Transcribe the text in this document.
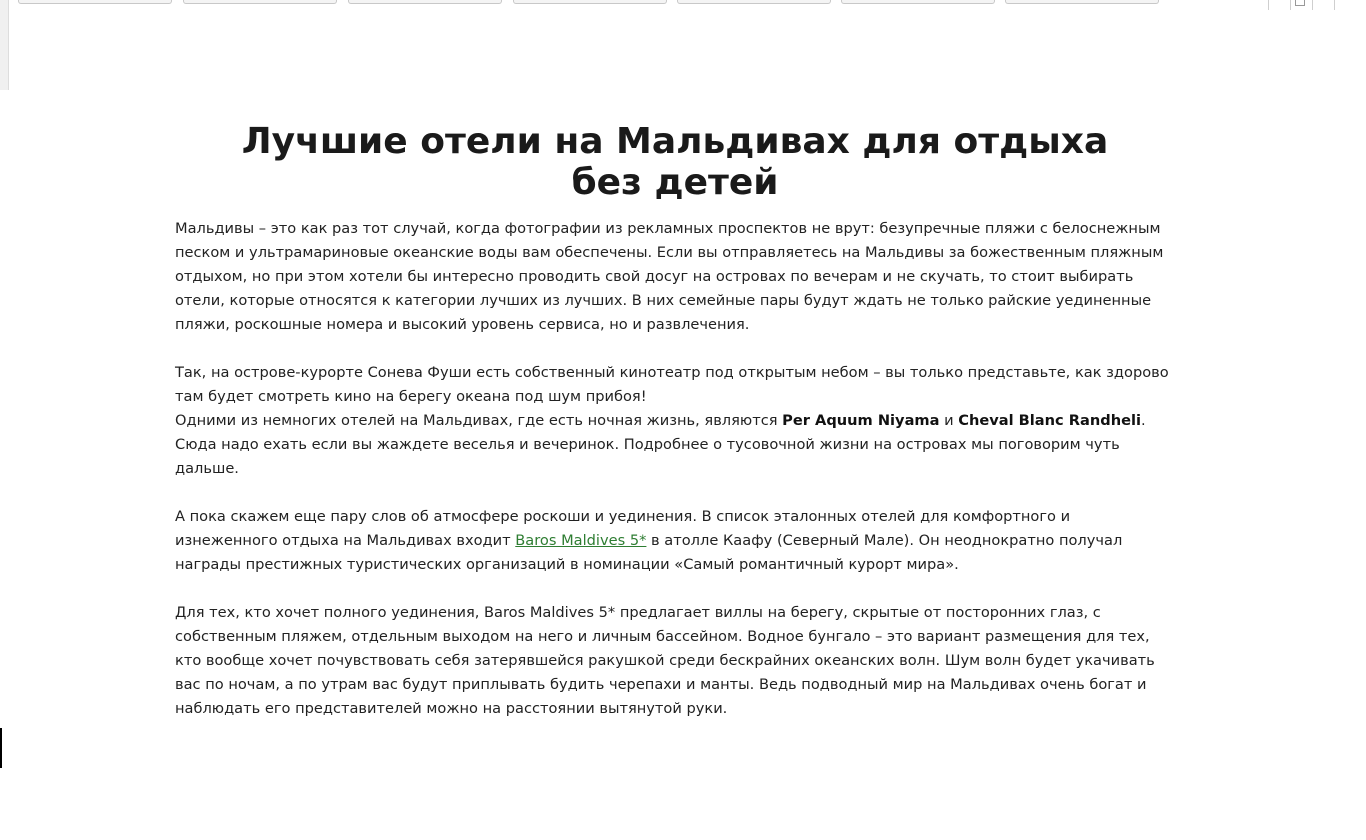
Лучшие отели на Мальдивах для отдыха без детей

Мальдивы – это как раз тот случай, когда фотографии из рекламных проспектов не врут: безупречные пляжи с белоснежным песком и ультрамариновые океанские воды вам обеспечены. Если вы отправляетесь на Мальдивы за божественным пляжным отдыхом, но при этом хотели бы интересно проводить свой досуг на островах по вечерам и не скучать, то стоит выбирать отели, которые относятся к категории лучших из лучших. В них семейные пары будут ждать не только райские уединенные пляжи, роскошные номера и высокий уровень сервиса, но и развлечения.

Так, на острове-курорте Сонева Фуши есть собственный кинотеатр под открытым небом – вы только представьте, как здорово там будет смотреть кино на берегу океана под шум прибоя!
Одними из немногих отелей на Мальдивах, где есть ночная жизнь, являются Per Aquum Niyama и Cheval Blanc Randheli. Сюда надо ехать если вы жаждете веселья и вечеринок. Подробнее о тусовочной жизни на островах мы поговорим чуть дальше.

А пока скажем еще пару слов об атмосфере роскоши и уединения. В список эталонных отелей для комфортного и изнеженного отдыха на Мальдивах входит Baros Maldives 5* в атолле Каафу (Северный Мале). Он неоднократно получал награды престижных туристических организаций в номинации «Самый романтичный курорт мира».

Для тех, кто хочет полного уединения, Baros Maldives 5* предлагает виллы на берегу, скрытые от посторонних глаз, с собственным пляжем, отдельным выходом на него и личным бассейном. Водное бунгало – это вариант размещения для тех, кто вообще хочет почувствовать себя затерявшейся ракушкой среди бескрайних океанских волн. Шум волн будет укачивать вас по ночам, а по утрам вас будут приплывать будить черепахи и манты. Ведь подводный мир на Мальдивах очень богат и наблюдать его представителей можно на расстоянии вытянутой руки.
